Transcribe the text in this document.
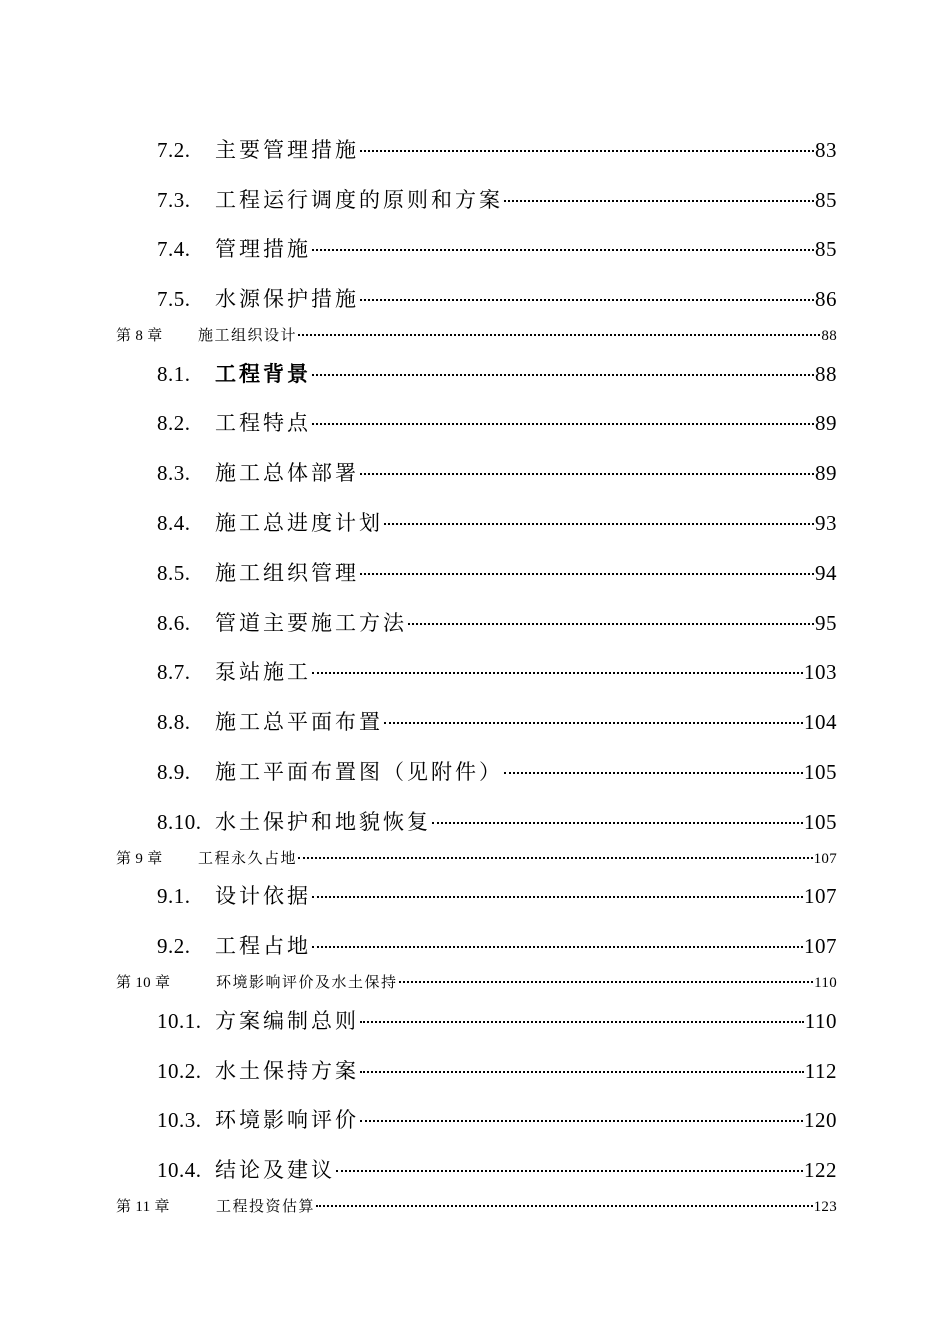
7.2.	主要管理措施	83
7.3.	工程运行调度的原则和方案	85
7.4.	管理措施	85
7.5.	水源保护措施	86
第 8 章	施工组织设计	88
8.1.	工程背景	88
8.2.	工程特点	89
8.3.	施工总体部署	89
8.4.	施工总进度计划	93
8.5.	施工组织管理	94
8.6.	管道主要施工方法	95
8.7.	泵站施工	103
8.8.	施工总平面布置	104
8.9.	施工平面布置图（见附件）	105
8.10. 水土保护和地貌恢复	105
第 9 章	工程永久占地	107
9.1.	设计依据	107
9.2.	工程占地	107
第 10 章	环境影响评价及水土保持	110
10.1. 方案编制总则	110
10.2. 水土保持方案	112
10.3. 环境影响评价	120
10.4. 结论及建议	122
第 11 章	工程投资估算	123
